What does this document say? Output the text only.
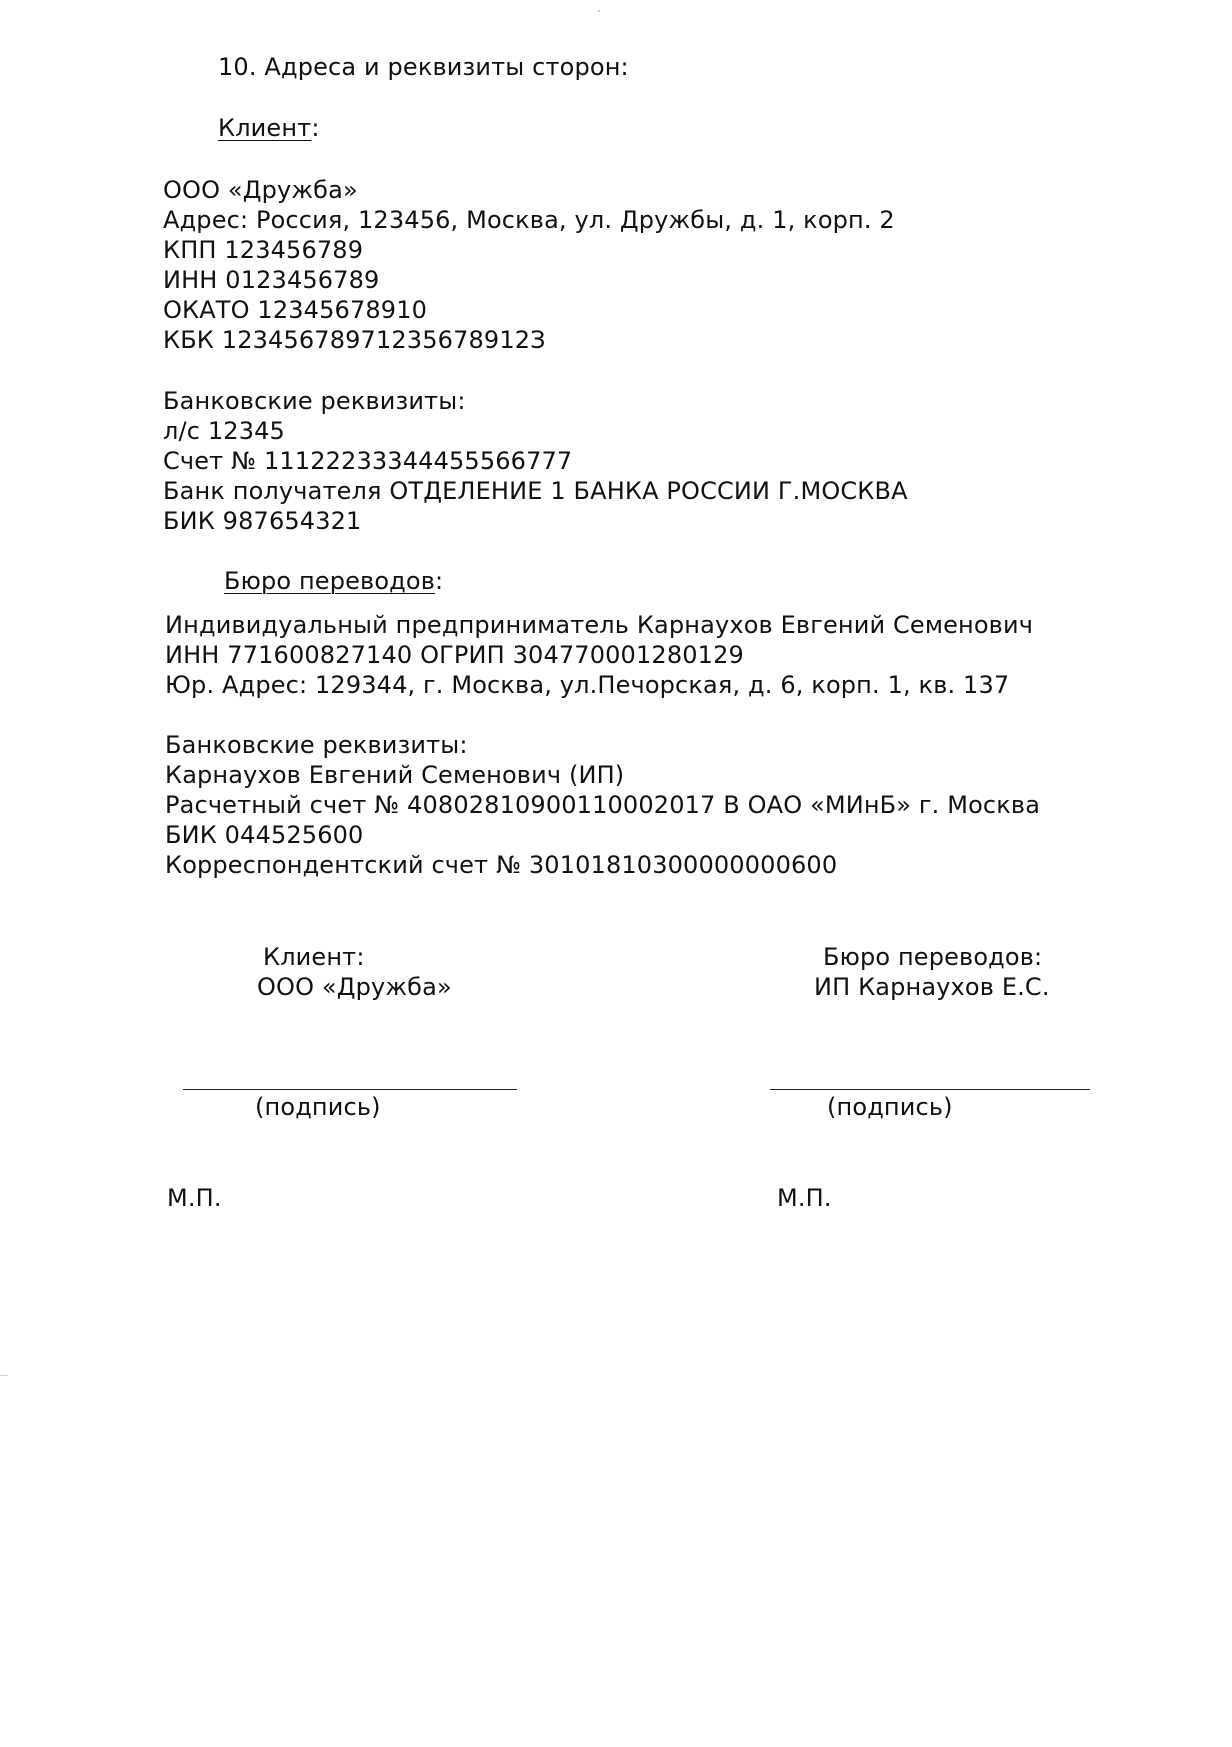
10. Адреса и реквизиты сторон:
Клиент:
ООО «Дружба»
Адрес: Россия, 123456, Москва, ул. Дружбы, д. 1, корп. 2
КПП 123456789
ИНН 0123456789
ОКАТО 12345678910
КБК 12345678971235678912З
Банковские реквизиты:
л/с 12345
Счет № 11122233344455566777
Банк получателя ОТДЕЛЕНИЕ 1 БАНКА РОССИИ Г.МОСКВА
БИК 987654321
Бюро переводов:
Индивидуальный предприниматель Карнаухов Евгений Семенович
ИНН 771600827140 ОГРИП 304770001280129
Юр. Адрес: 129344, г. Москва, ул.Печорская, д. 6, корп. 1, кв. 137
Банковские реквизиты:
Карнаухов Евгений Семенович (ИП)
Расчетный счет № 40802810900110002017 В ОАО «МИнБ» г. Москва
БИК 044525600
Корреспондентский счет № 30101810300000000600
Клиент:
ООО «Дружба»
Бюро переводов:
ИП Карнаухов Е.С.
(подпись)	(подпись)
М.П.	М.П.
